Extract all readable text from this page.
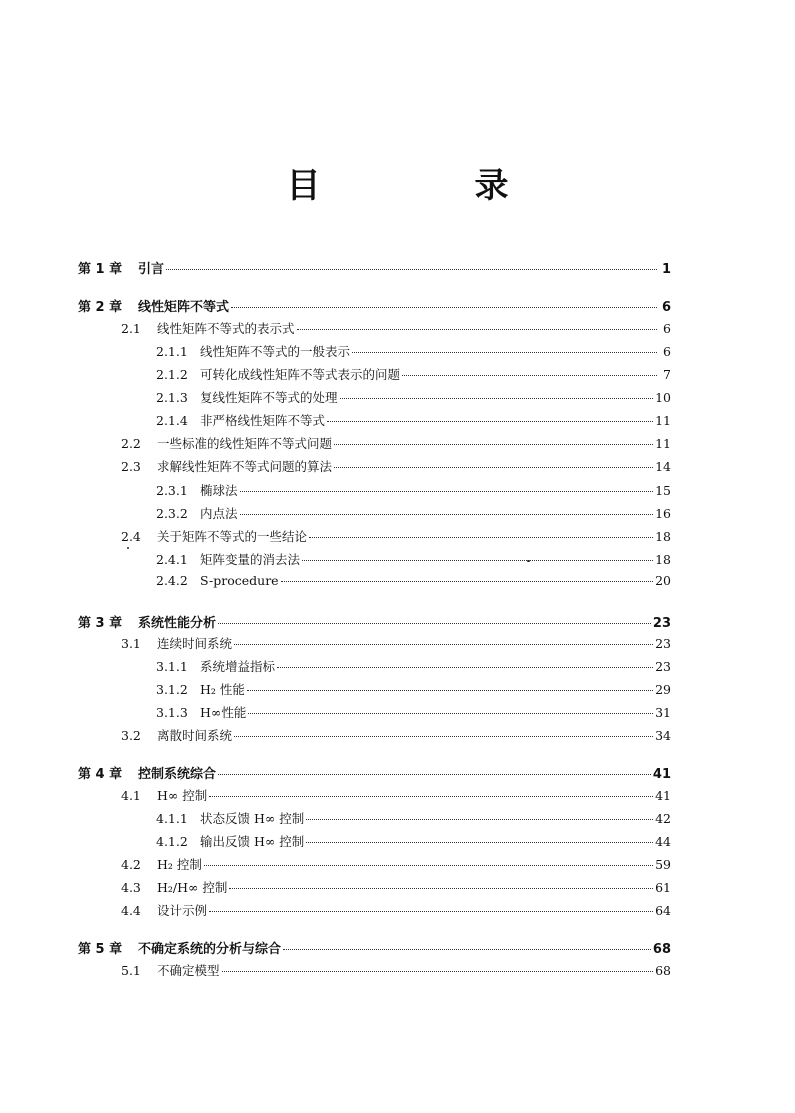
目　录
第 1 章	引言	1
第 2 章	线性矩阵不等式	6
2.1	线性矩阵不等式的表示式	6
2.1.1 线性矩阵不等式的一般表示	6
2.1.2 可转化成线性矩阵不等式表示的问题	7
2.1.3 复线性矩阵不等式的处理	10
2.1.4 非严格线性矩阵不等式	11
2.2	一些标准的线性矩阵不等式问题	11
2.3	求解线性矩阵不等式问题的算法	14
2.3.1 椭球法	15
2.3.2 内点法	16
2.4	关于矩阵不等式的一些结论	18
2.4.1 矩阵变量的消去法	18
2.4.2 S-procedure	20
第 3 章	系统性能分析	23
3.1	连续时间系统	23
3.1.1 系统增益指标	23
3.1.2 H₂ 性能	29
3.1.3 H∞性能	31
3.2	离散时间系统	34
第 4 章	控制系统综合	41
4.1	H∞ 控制	41
4.1.1 状态反馈 H∞ 控制	42
4.1.2 输出反馈 H∞ 控制	44
4.2	H₂ 控制	59
4.3	H₂/H∞ 控制	61
4.4	设计示例	64
第 5 章	不确定系统的分析与综合	68
5.1	不确定模型	68
